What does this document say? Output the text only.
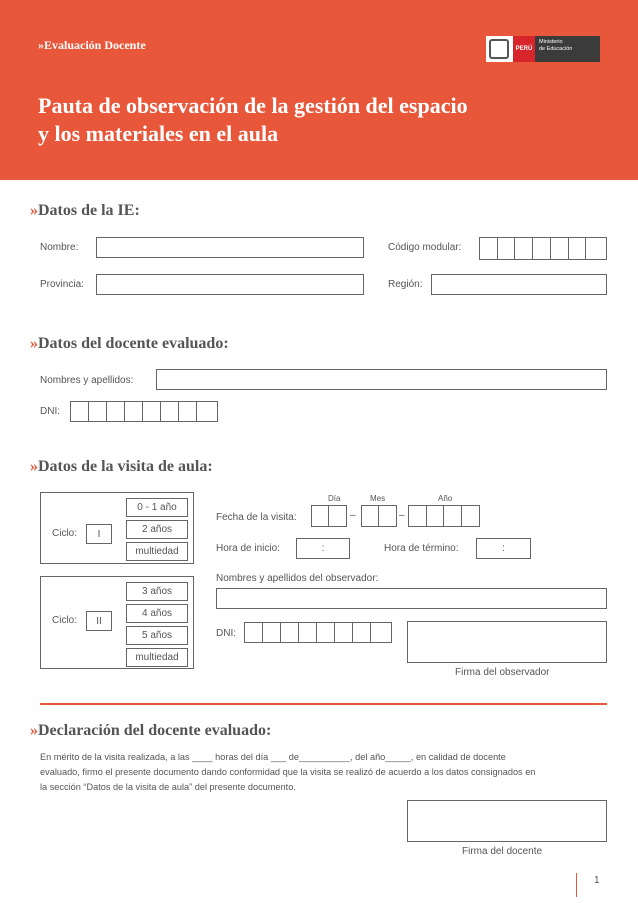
»Evaluación Docente	PERÚ
Ministerio
de Educación
Pauta de observación de la gestión del espacio
y los materiales en el aula
»Datos de la IE:
Nombre:	Código modular:
Provincia:	Región:
»Datos del docente evaluado:
Nombres y apellidos:
DNI:
»Datos de la visita de aula:
Ciclo:	I
0 - 1 año
2 años
multiedad
Ciclo:	II
3 años
4 años
5 años
multiedad
Día	Mes	Año
Fecha de la visita:	–	–
Hora de inicio:	:	Hora de término:	:
Nombres y apellidos del observador:
DNI:
Firma del observador
»Declaración del docente evaluado:
En mérito de la visita realizada, a las ____ horas del día ___ de__________, del año_____, en calidad de docente
evaluado, firmo el presente documento dando conformidad que la visita se realizó de acuerdo a los datos consignados en
la sección “Datos de la visita de aula” del presente documento.
Firma del docente
1
